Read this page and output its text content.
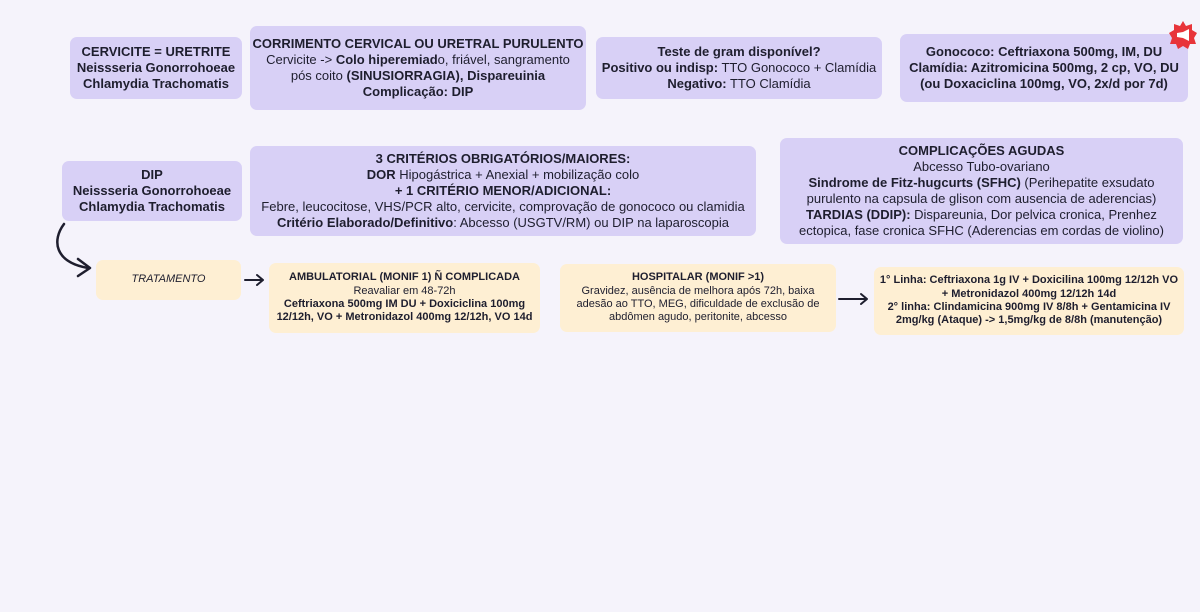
CERVICITE = URETRITE

Neissseria Gonorrohoeae

Chlamydia Trachomatis

CORRIMENTO CERVICAL OU URETRAL PURULENTO

Cervicite -> Colo hiperemiado, friável, sangramento

pós coito (SINUSIORRAGIA), Dispareuinia

Complicação: DIP

Teste de gram disponível?

Positivo ou indisp: TTO Gonococo + Clamídia

Negativo: TTO Clamídia

Gonococo: Ceftriaxona 500mg, IM, DU

Clamídia: Azitromicina 500mg, 2 cp, VO, DU

(ou Doxaciclina 100mg, VO, 2x/d por 7d)

DIP

Neissseria Gonorrohoeae

Chlamydia Trachomatis

3 CRITÉRIOS OBRIGATÓRIOS/MAIORES:

DOR Hipogástrica + Anexial + mobilização colo

+ 1 CRITÉRIO MENOR/ADICIONAL:

Febre, leucocitose, VHS/PCR alto, cervicite, comprovação de gonococo ou clamidia

Critério Elaborado/Definitivo: Abcesso (USGTV/RM) ou DIP na laparoscopia

COMPLICAÇÕES AGUDAS

Abcesso Tubo-ovariano

Sindrome de Fitz-hugcurts (SFHC) (Perihepatite exsudato

purulento na capsula de glison com ausencia de aderencias)

TARDIAS (DDIP): Dispareunia, Dor pelvica cronica, Prenhez

ectopica, fase cronica SFHC (Aderencias em cordas de violino)

TRATAMENTO	AMBULATORIAL (MONIF 1) Ñ COMPLICADA

Reavaliar em 48-72h

Ceftriaxona 500mg IM DU + Doxiciclina 100mg

12/12h, VO + Metronidazol 400mg 12/12h, VO 14d

HOSPITALAR (MONIF >1)

Gravidez, ausência de melhora após 72h, baixa

adesão ao TTO, MEG, dificuldade de exclusão de

abdômen agudo, peritonite, abcesso

1° Linha: Ceftriaxona 1g IV + Doxicilina 100mg 12/12h VO

+ Metronidazol 400mg 12/12h 14d

2° linha: Clindamicina 900mg IV 8/8h + Gentamicina IV

2mg/kg (Ataque) -> 1,5mg/kg de 8/8h (manutenção)
